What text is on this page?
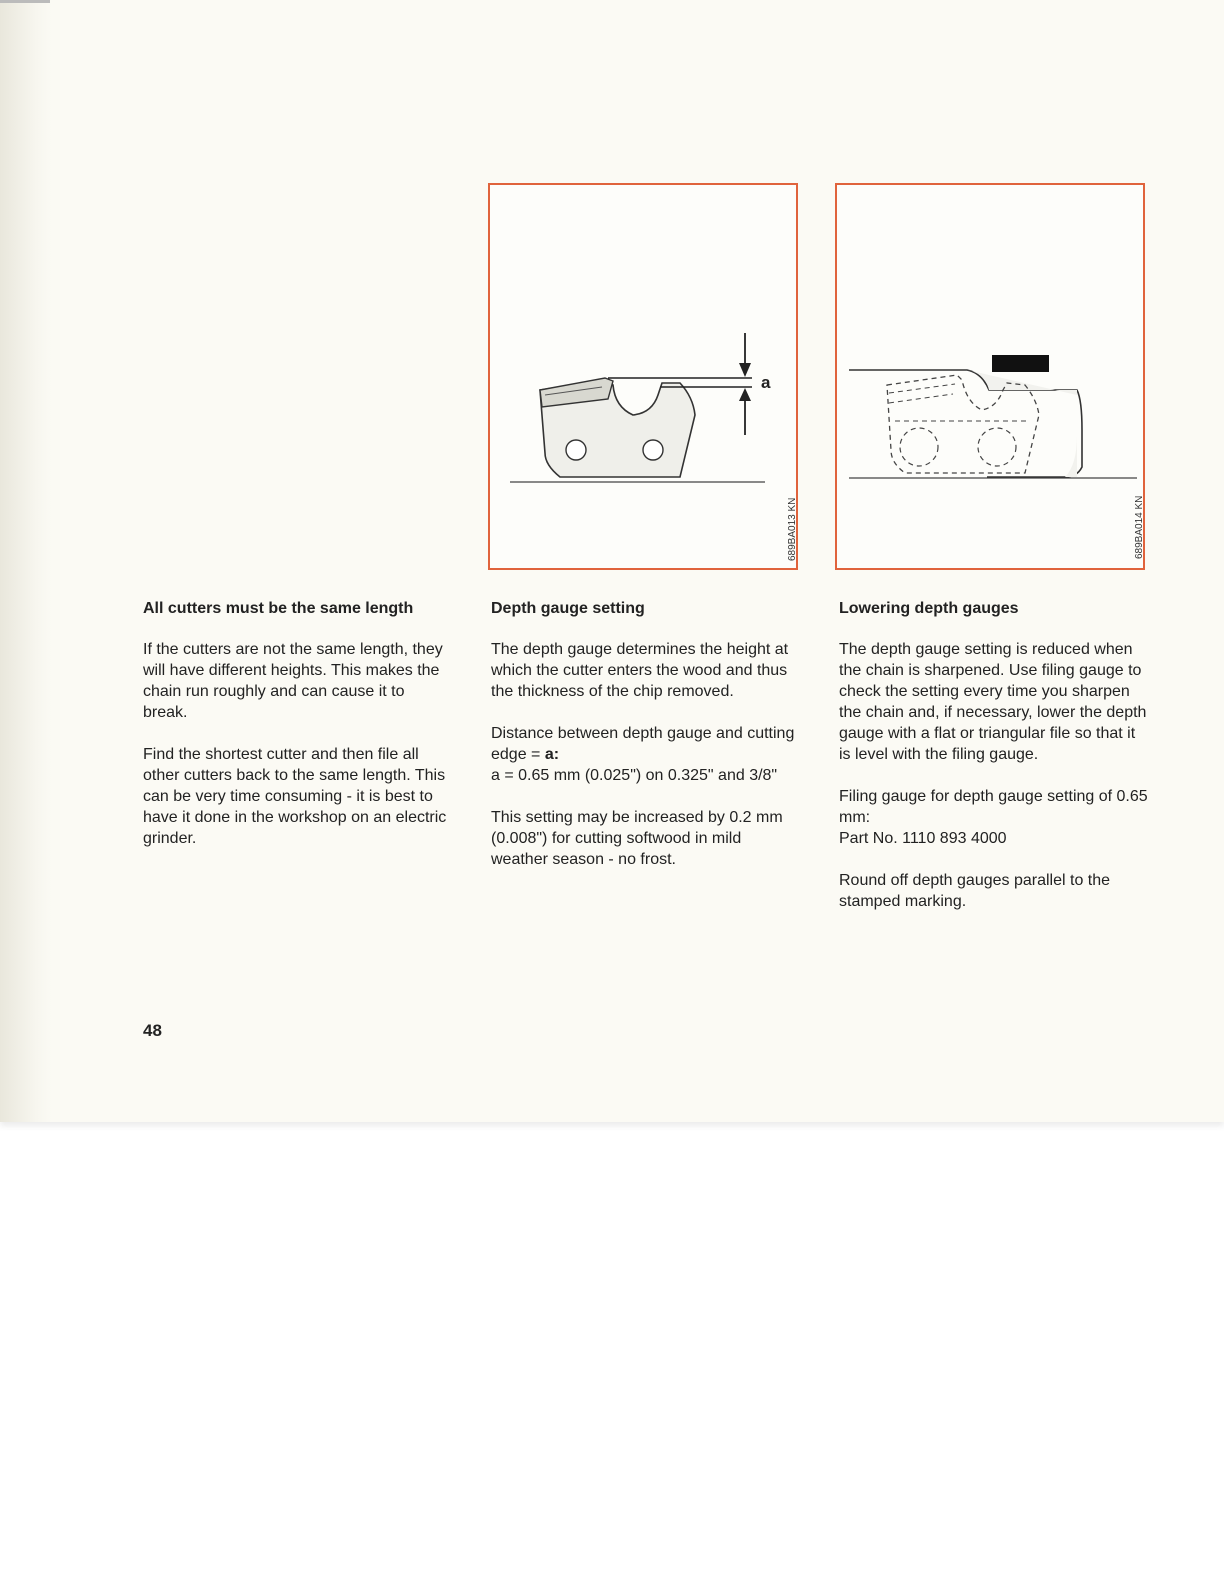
a
689BA013 KN	689BA014 KN
All cutters must be the same length

If the cutters are not the same length, they will have different heights. This makes the chain run roughly and can cause it to break.

Find the shortest cutter and then file all other cutters back to the same length. This can be very time consuming - it is best to have it done in the workshop on an electric grinder.

Depth gauge setting

The depth gauge determines the height at which the cutter enters the wood and thus the thickness of the chip removed.

Distance between depth gauge and cutting edge = a:
a = 0.65 mm (0.025") on 0.325" and 3/8"

This setting may be increased by 0.2 mm (0.008") for cutting softwood in mild weather season - no frost.

Lowering depth gauges

The depth gauge setting is reduced when the chain is sharpened. Use filing gauge to check the setting every time you sharpen the chain and, if necessary, lower the depth gauge with a flat or triangular file so that it is level with the filing gauge.

Filing gauge for depth gauge setting of 0.65 mm:

Part No. 1110 893 4000

Round off depth gauges parallel to the stamped marking.

48
